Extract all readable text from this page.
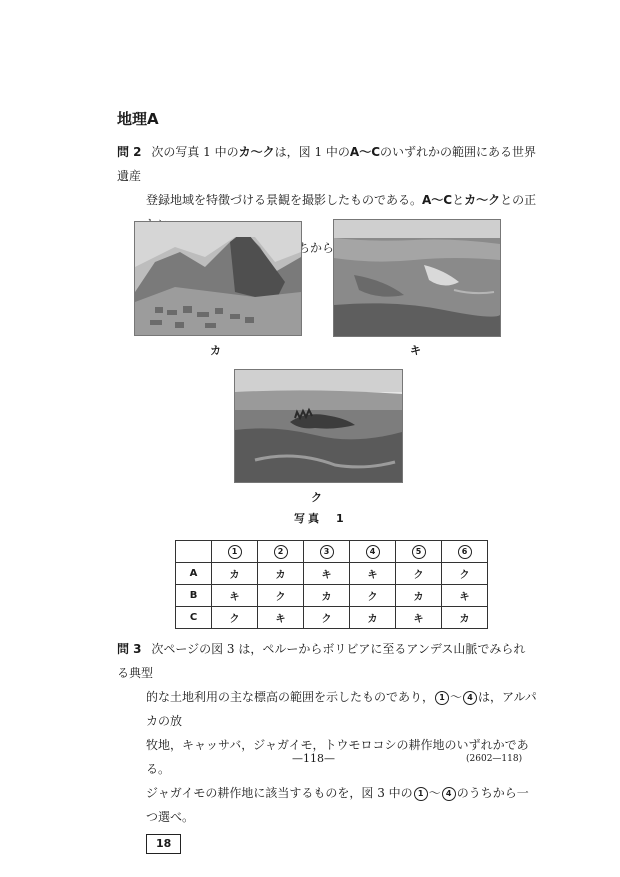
地理A
問 2 次の写真 1 中のカ～クは，図 1 中のA～Cのいずれかの範囲にある世界遺産
登録地域を特徴づける景観を撮影したものである。A～Cとカ～クとの正

カ	キ
ク
写真　1
	1	2	3	4	5	6
A	カ	カ	キ	キ	ク	ク
B	キ	ク	カ	ク	カ	キ
C	ク	キ	ク	カ	キ	カ
問 3 次ページの図 3 は，ペルーからボリビアに至るアンデス山脈でみられる典型
的な土地利用の主な標高の範囲を示したものであり， 1 ～ 4 は，アルパカの放
牧地，キャッサバ，ジャガイモ，トウモロコシの耕作地のいずれかである。
ジャガイモの耕作地に該当するものを，図 3 中の 1 ～ 4 のうちから一つ選べ。
18
—118—	(2602—118)
